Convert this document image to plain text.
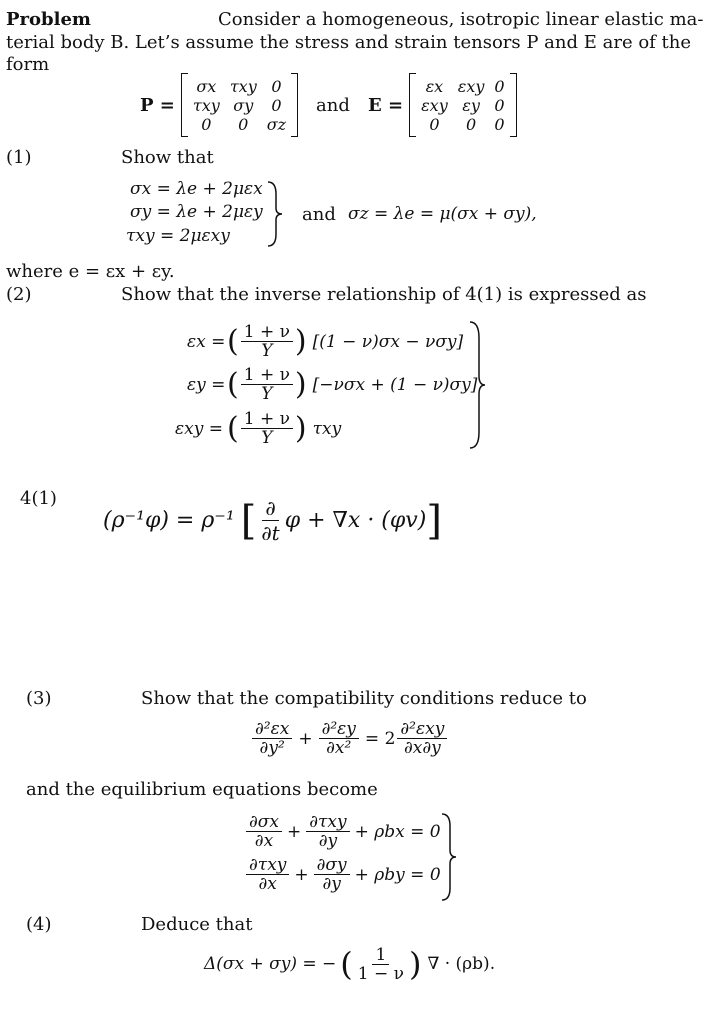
Problem	Consider a homogeneous, isotropic linear elastic ma-
terial body B. Let’s assume the stress and strain tensors P and E are of the
form
P =
σx	τxy	0
τxy	σy	0
0	0	σz
and E =
εx	εxy	0
εxy	εy	0
0	0	0
(1)	Show that
σx = λe + 2μεx
σy = λe + 2μεy
τxy = 2μεxy
and σz = λe = μ(σx + σy),
where e = εx + εy.
(2)	Show that the inverse relationship of 4(1) is expressed as
εx = ( $\frac{1 + \nu}{Y}$ ) [(1 − ν)σx − νσy]
εy = ( $\frac{1 + \nu}{Y}$ ) [−νσx + (1 − ν)σy]
εxy = ( $\frac{1 + \nu}{Y}$ ) τxy
4(1)
(ρ⁻¹φ) = ρ⁻¹ [ $\frac{\partial}{\partial t}$ φ + ∇x · (φv) ]
(3)	Show that the compatibility conditions reduce to
$\frac{\text{∂²εx}}{\text{∂y²}} + \frac{\text{∂²εy}}{\text{∂x²}} = 2 \frac{\text{∂²εxy}}{\partial x\partial y}$
and the equilibrium equations become
$\frac{\partial\sigma x}{\partial x} + \frac{\text{∂τxy}}{\partial y} + \rho bx = 0$
$\frac{\text{∂τxy}}{\partial x} + \frac{\partial\sigma y}{\partial y} + \rho by = 0$
(4)	Deduce that
Δ(σx + σy) = − ( $\frac{1}{1 - \nu}$ ) ∇ · (ρb).
